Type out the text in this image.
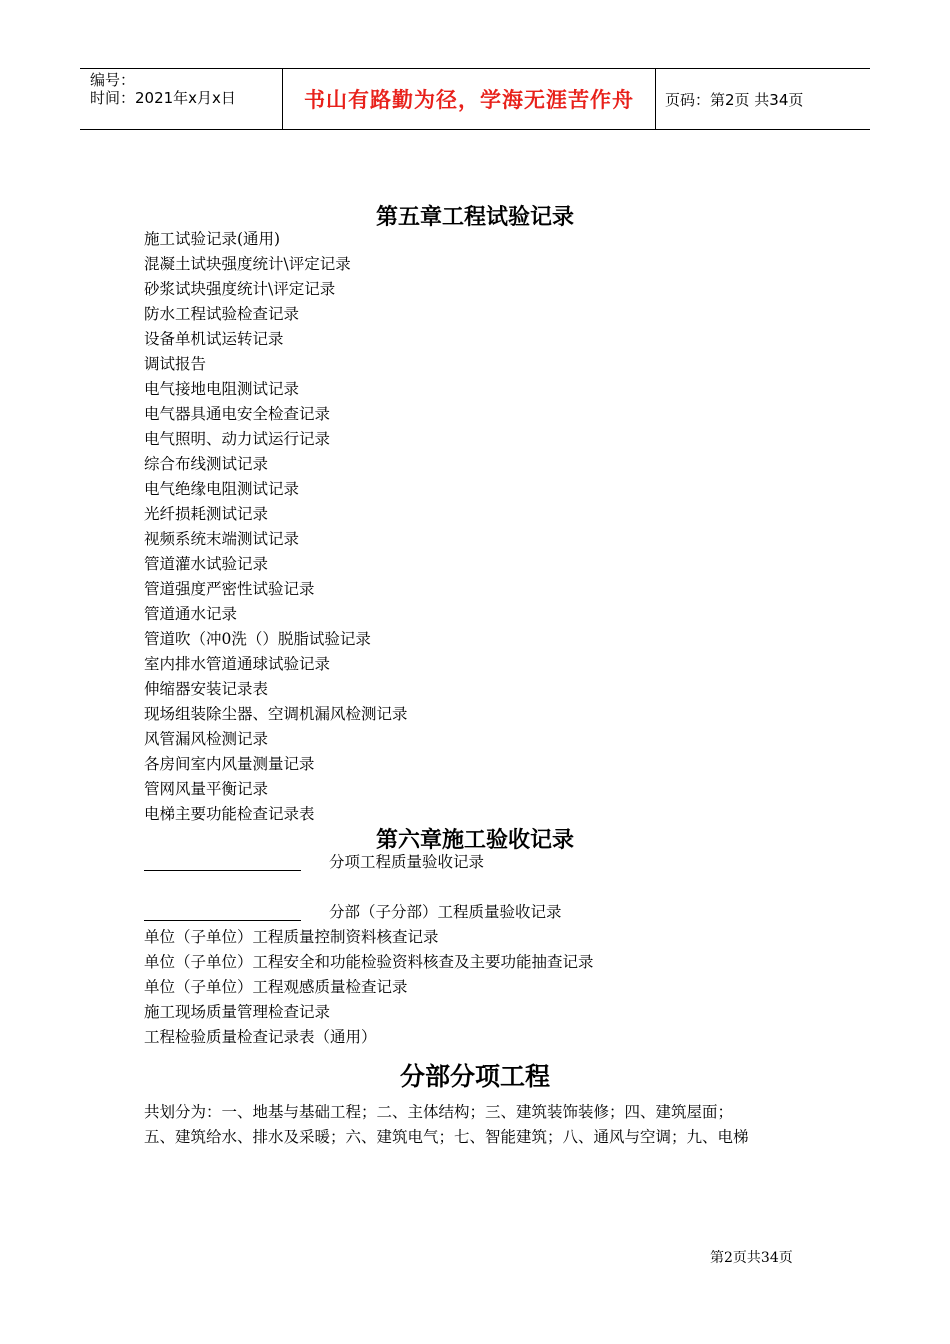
编号：
时间：2021年x月x日	书山有路勤为径，学海无涯苦作舟	页码：第2页 共34页
第五章工程试验记录
施工试验记录(通用)
混凝土试块强度统计\评定记录
砂浆试块强度统计\评定记录
防水工程试验检查记录
设备单机试运转记录
调试报告
电气接地电阻测试记录
电气器具通电安全检查记录
电气照明、动力试运行记录
综合布线测试记录
电气绝缘电阻测试记录
光纤损耗测试记录
视频系统末端测试记录
管道灌水试验记录
管道强度严密性试验记录
管道通水记录
管道吹（冲0洗（）脱脂试验记录
室内排水管道通球试验记录
伸缩器安装记录表
现场组装除尘器、空调机漏风检测记录
风管漏风检测记录
各房间室内风量测量记录
管网风量平衡记录
电梯主要功能检查记录表
第六章施工验收记录
分项工程质量验收记录
分部（子分部）工程质量验收记录
单位（子单位）工程质量控制资料核查记录
单位（子单位）工程安全和功能检验资料核查及主要功能抽查记录
单位（子单位）工程观感质量检查记录
施工现场质量管理检查记录
工程检验质量检查记录表（通用）
分部分项工程
共划分为：一、地基与基础工程；二、主体结构；三、建筑装饰装修；四、建筑屋面；
五、建筑给水、排水及采暖；六、建筑电气；七、智能建筑；八、通风与空调；九、电梯
第2页共34页
